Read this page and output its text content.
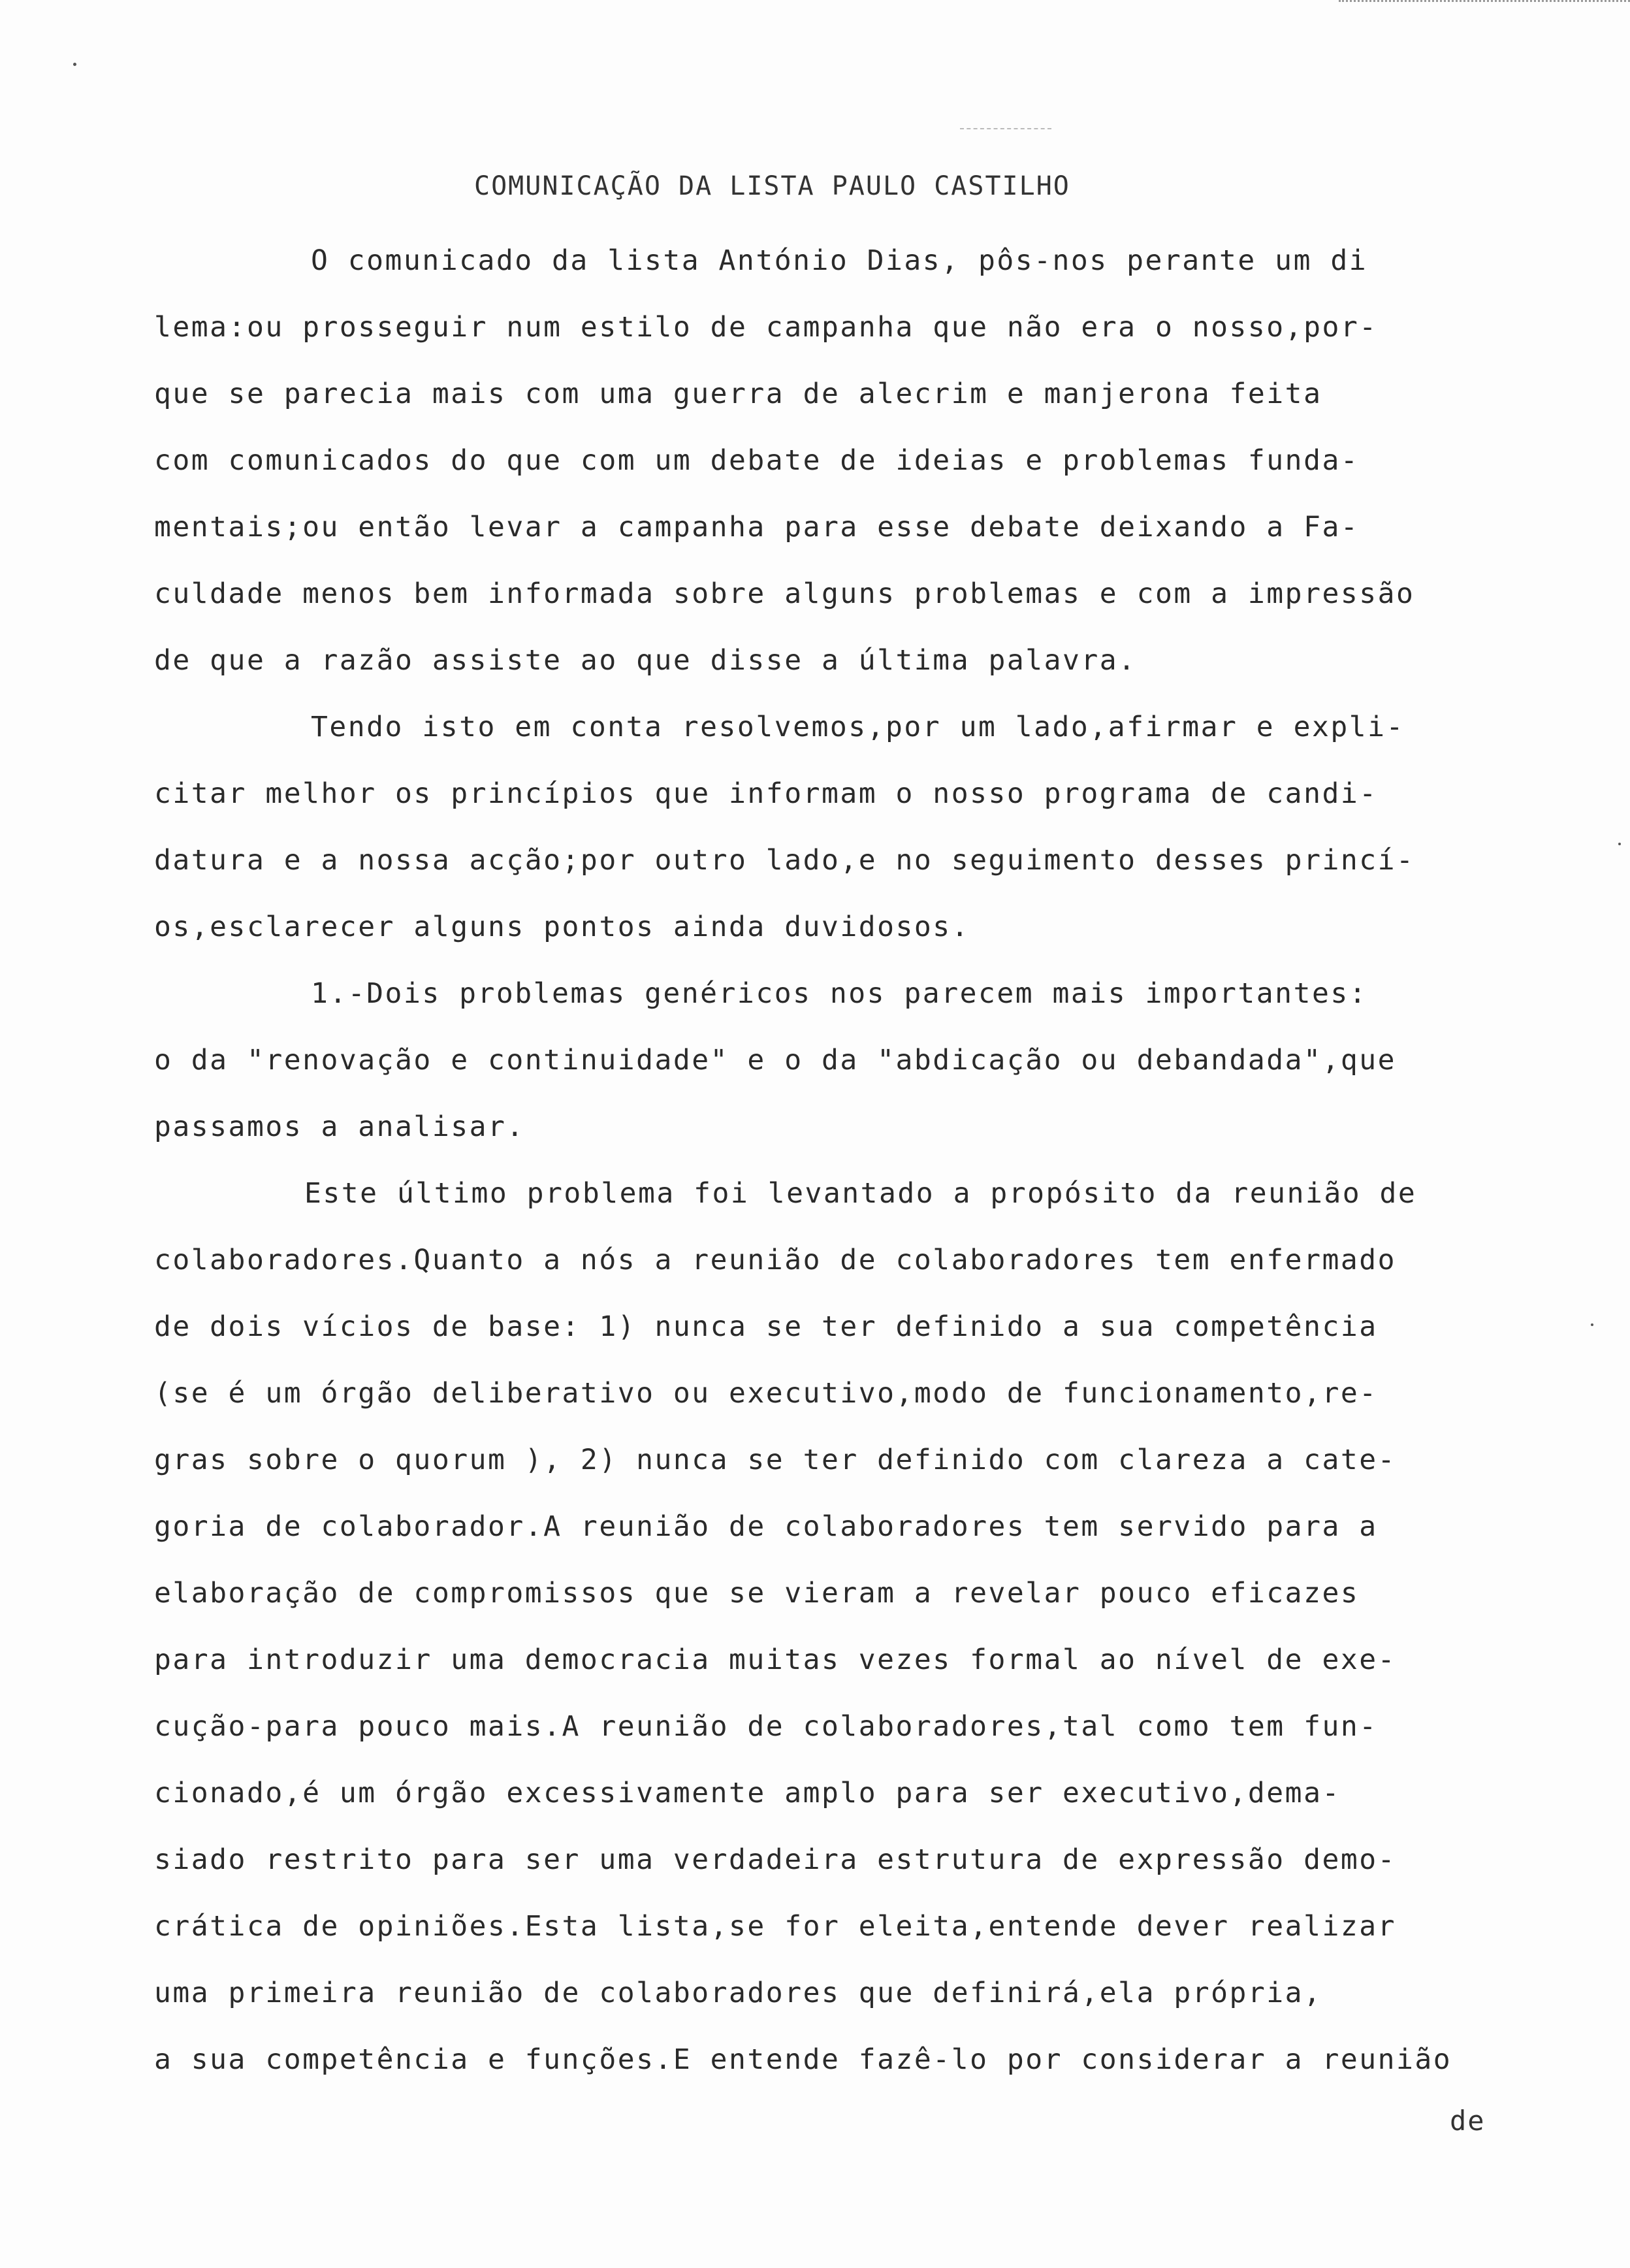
COMUNICAÇÃO DA LISTA PAULO CASTILHO
O comunicado da lista António Dias, pôs-nos perante um di
lema:ou prosseguir num estilo de campanha que não era o nosso,por-
que se parecia mais com uma guerra de alecrim e manjerona feita
com comunicados do que com um debate de ideias e problemas funda-
mentais;ou então levar a campanha para esse debate deixando a Fa-
culdade menos bem informada sobre alguns problemas e com a impressão
de que a razão assiste ao que disse a última palavra.
Tendo isto em conta resolvemos,por um lado,afirmar e expli-
citar melhor os princípios que informam o nosso programa de candi-
datura e a nossa acção;por outro lado,e no seguimento desses princí-
os,esclarecer alguns pontos ainda duvidosos.
1.-Dois problemas genéricos nos parecem mais importantes:
o da "renovação e continuidade" e o da "abdicação ou debandada",que
passamos a analisar.
Este último problema foi levantado a propósito da reunião de
colaboradores.Quanto a nós a reunião de colaboradores tem enfermado
de dois vícios de base: 1) nunca se ter definido a sua competência
(se é um órgão deliberativo ou executivo,modo de funcionamento,re-
gras sobre o quorum ), 2) nunca se ter definido com clareza a cate-
goria de colaborador.A reunião de colaboradores tem servido para a
elaboração de compromissos que se vieram a revelar pouco eficazes
para introduzir uma democracia muitas vezes formal ao nível de exe-
cução-para pouco mais.A reunião de colaboradores,tal como tem fun-
cionado,é um órgão excessivamente amplo para ser executivo,dema-
siado restrito para ser uma verdadeira estrutura de expressão demo-
crática de opiniões.Esta lista,se for eleita,entende dever realizar
uma primeira reunião de colaboradores que definirá,ela própria,
a sua competência e funções.E entende fazê-lo por considerar a reunião
de
